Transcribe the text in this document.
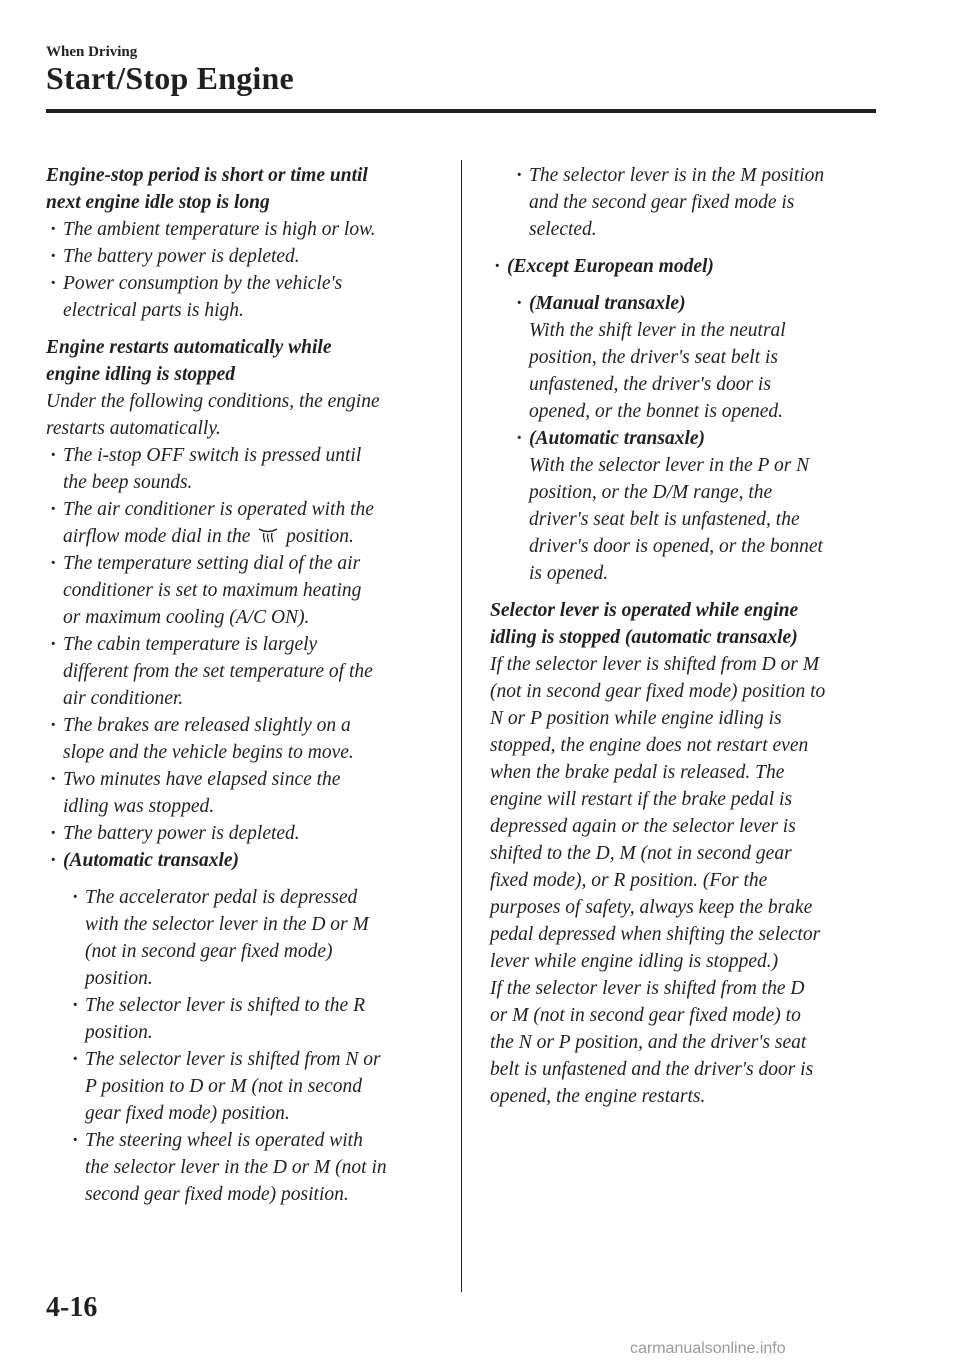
When Driving
Start/Stop Engine

Engine-stop period is short or time until
next engine idle stop is long

· The ambient temperature is high or low.

· The battery power is depleted.

· Power consumption by the vehicle's
electrical parts is high.

Engine restarts automatically while
engine idling is stopped

Under the following conditions, the engine
restarts automatically.

· The i-stop OFF switch is pressed until
the beep sounds.

· The air conditioner is operated with the
airflow mode dial in the position.

· The temperature setting dial of the air
conditioner is set to maximum heating
or maximum cooling (A/C ON).

· The cabin temperature is largely
different from the set temperature of the
air conditioner.

· The brakes are released slightly on a
slope and the vehicle begins to move.

· Two minutes have elapsed since the
idling was stopped.

· The battery power is depleted.

· (Automatic transaxle)

· The accelerator pedal is depressed
with the selector lever in the D or M
(not in second gear fixed mode)
position.

· The selector lever is shifted to the R
position.

· The selector lever is shifted from N or
P position to D or M (not in second
gear fixed mode) position.

· The steering wheel is operated with
the selector lever in the D or M (not in
second gear fixed mode) position.

· The selector lever is in the M position
and the second gear fixed mode is
selected.

· (Except European model)

· (Manual transaxle)

With the shift lever in the neutral
position, the driver's seat belt is
unfastened, the driver's door is
opened, or the bonnet is opened.

· (Automatic transaxle)

With the selector lever in the P or N
position, or the D/M range, the
driver's seat belt is unfastened, the
driver's door is opened, or the bonnet
is opened.

Selector lever is operated while engine
idling is stopped (automatic transaxle)

If the selector lever is shifted from D or M
(not in second gear fixed mode) position to
N or P position while engine idling is
stopped, the engine does not restart even
when the brake pedal is released. The
engine will restart if the brake pedal is
depressed again or the selector lever is
shifted to the D, M (not in second gear
fixed mode), or R position. (For the
purposes of safety, always keep the brake
pedal depressed when shifting the selector
lever while engine idling is stopped.)
If the selector lever is shifted from the D
or M (not in second gear fixed mode) to
the N or P position, and the driver's seat
belt is unfastened and the driver's door is
opened, the engine restarts.

4-16
carmanualsonline.info
